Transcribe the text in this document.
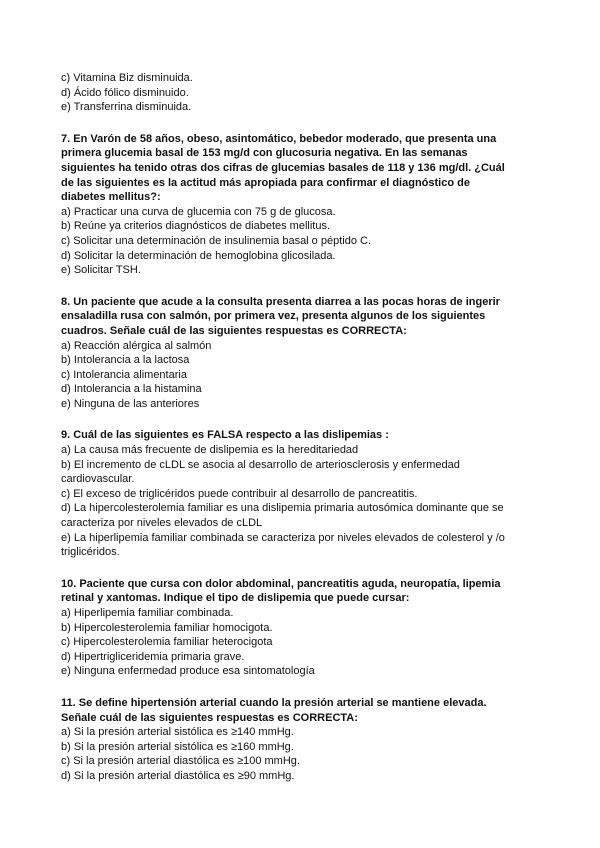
c) Vitamina Biz disminuida.
d) Ácido fólico disminuido.
e) Transferrina disminuida.
7. En Varón de 58 años, obeso, asintomático, bebedor moderado, que presenta una
primera glucemia basal de 153 mg/d con glucosuria negativa. En las semanas
siguientes ha tenido otras dos cifras de glucemias basales de 118 y 136 mg/dl. ¿Cuál
de las siguientes es la actitud más apropiada para confirmar el diagnóstico de
diabetes mellitus?:
a) Practicar una curva de glucemia con 75 g de glucosa.
b) Reúne ya criterios diagnósticos de diabetes mellitus.
c) Solicitar una determinación de insulinemia basal o péptido C.
d) Solicitar la determinación de hemoglobina glicosilada.
e) Solicitar TSH.
8. Un paciente que acude a la consulta presenta diarrea a las pocas horas de ingerir
ensaladilla rusa con salmón, por primera vez, presenta algunos de los siguientes
cuadros. Señale cuál de las siguientes respuestas es CORRECTA:
a) Reacción alérgica al salmón
b) Intolerancia a la lactosa
c) Intolerancia alimentaria
d) Intolerancia a la histamina
e) Ninguna de las anteriores
9. Cuál de las siguientes es FALSA respecto a las dislipemias :
a) La causa más frecuente de dislipemia es la hereditariedad
b) El incremento de cLDL se asocia al desarrollo de arteriosclerosis y enfermedad
cardiovascular.
c) El exceso de triglicéridos puede contribuir al desarrollo de pancreatitis.
d) La hipercolesterolemia familiar es una dislipemia primaria autosómica dominante que se
caracteriza por niveles elevados de cLDL
e) La hiperlipemia familiar combinada se caracteriza por niveles elevados de colesterol y /o
triglicéridos.
10. Paciente que cursa con dolor abdominal, pancreatitis aguda, neuropatía, lipemia
retinal y xantomas. Indique el tipo de dislipemia que puede cursar:
a) Hiperlipemia familiar combinada.
b) Hipercolesterolemia familiar homocigota.
c) Hipercolesterolemia familiar heterocigota
d) Hipertrigliceridemia primaria grave.
e) Ninguna enfermedad produce esa sintomatología
11. Se define hipertensión arterial cuando la presión arterial se mantiene elevada.
Señale cuál de las siguientes respuestas es CORRECTA:
a) Si la presión arterial sistólica es ≥140 mmHg.
b) Si la presión arterial sistólica es ≥160 mmHg.
c) Si la presión arterial diastólica es ≥100 mmHg.
d) Si la presión arterial diastólica es ≥90 mmHg.
